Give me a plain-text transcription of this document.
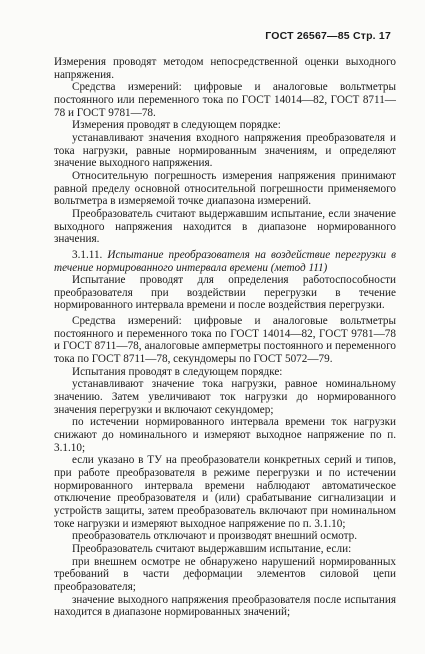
ГОСТ 26567—85 Стр. 17

Измерения проводят методом непосредственной оценки выходного напряжения.

Средства измерений: цифровые и аналоговые вольтметры постоянного или переменного тока по ГОСТ 14014—82, ГОСТ 8711—78 и ГОСТ 9781—78.

Измерения проводят в следующем порядке:

устанавливают значения входного напряжения преобразователя и тока нагрузки, равные нормированным значениям, и определяют значение выходного напряжения.

Относительную погрешность измерения напряжения принимают равной пределу основной относительной погрешности применяемого вольтметра в измеряемой точке диапазона измерений.

Преобразователь считают выдержавшим испытание, если значение выходного напряжения находится в диапазоне нормированного значения.

3.1.11. Испытание преобразователя на воздействие перегрузки в течение нормированного интервала времени (метод 111)

Испытание проводят для определения работоспособности преобразователя при воздействии перегрузки в течение нормированного интервала времени и после воздействия перегрузки.

Средства измерений: цифровые и аналоговые вольтметры постоянного и переменного тока по ГОСТ 14014—82, ГОСТ 9781—78 и ГОСТ 8711—78, аналоговые амперметры постоянного и переменного тока по ГОСТ 8711—78, секундомеры по ГОСТ 5072—79.

Испытания проводят в следующем порядке:

устанавливают значение тока нагрузки, равное номинальному значению. Затем увеличивают ток нагрузки до нормированного значения перегрузки и включают секундомер;

по истечении нормированного интервала времени ток нагрузки снижают до номинального и измеряют выходное напряжение по п. 3.1.10;

если указано в ТУ на преобразователи конкретных серий и типов, при работе преобразователя в режиме перегрузки и по истечении нормированного интервала времени наблюдают автоматическое отключение преобразователя и (или) срабатывание сигнализации и устройств защиты, затем преобразователь включают при номинальном токе нагрузки и измеряют выходное напряжение по п. 3.1.10;

преобразователь отключают и производят внешний осмотр.

Преобразователь считают выдержавшим испытание, если:

при внешнем осмотре не обнаружено нарушений нормированных требований в части деформации элементов силовой цепи преобразователя;

значение выходного напряжения преобразователя после испытания находится в диапазоне нормированных значений;
